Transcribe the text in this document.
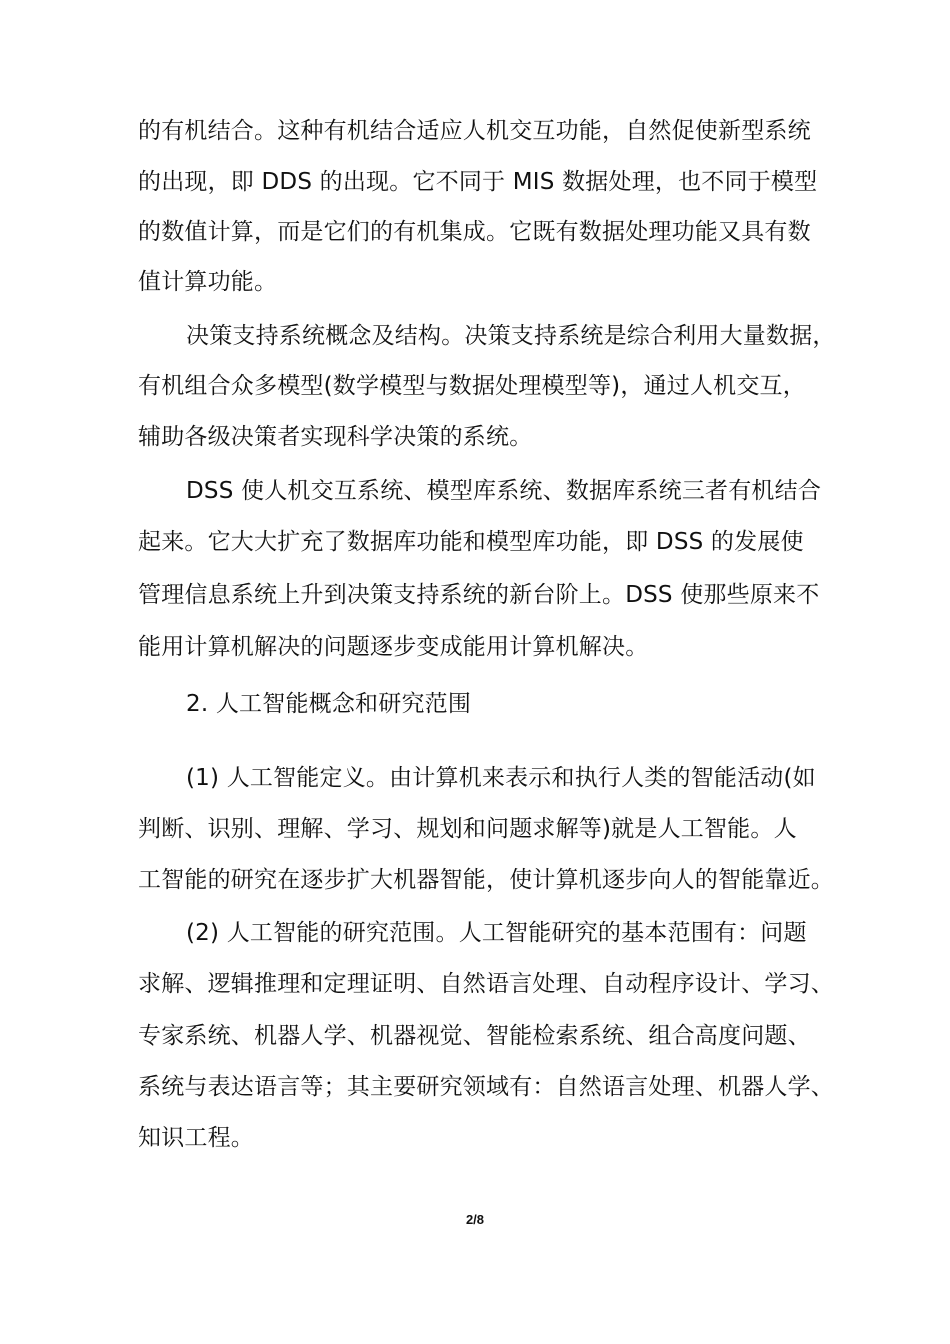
的有机结合。这种有机结合适应人机交互功能，自然促使新型系统
的出现，即 DDS 的出现。它不同于 MIS 数据处理，也不同于模型
的数值计算，而是它们的有机集成。它既有数据处理功能又具有数
值计算功能。
决策支持系统概念及结构。决策支持系统是综合利用大量数据，
有机组合众多模型(数学模型与数据处理模型等)，通过人机交互，
辅助各级决策者实现科学决策的系统。
DSS 使人机交互系统、模型库系统、数据库系统三者有机结合
起来。它大大扩充了数据库功能和模型库功能，即 DSS 的发展使
管理信息系统上升到决策支持系统的新台阶上。DSS 使那些原来不
能用计算机解决的问题逐步变成能用计算机解决。
2. 人工智能概念和研究范围
(1) 人工智能定义。由计算机来表示和执行人类的智能活动(如
判断、识别、理解、学习、规划和问题求解等)就是人工智能。人
工智能的研究在逐步扩大机器智能，使计算机逐步向人的智能靠近。
(2) 人工智能的研究范围。人工智能研究的基本范围有：问题
求解、逻辑推理和定理证明、自然语言处理、自动程序设计、学习、
专家系统、机器人学、机器视觉、智能检索系统、组合高度问题、
系统与表达语言等；其主要研究领域有：自然语言处理、机器人学、
知识工程。
2/8
